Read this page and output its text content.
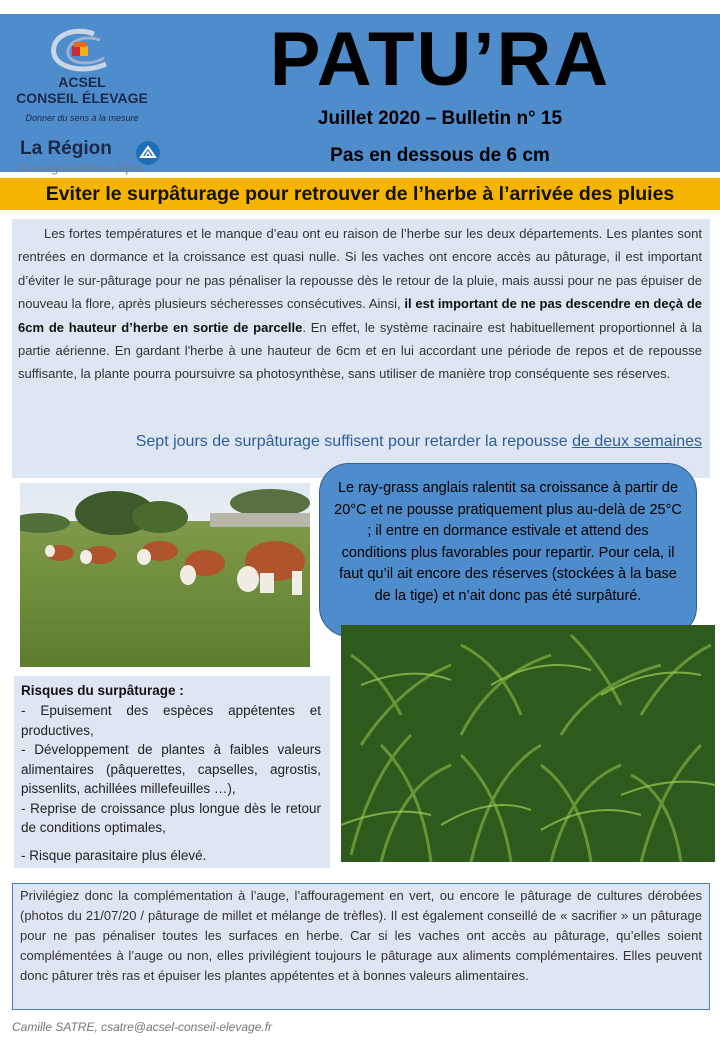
ACSEL
CONSEIL ÉLEVAGE
Donner du sens à la mesure
La Région
Auvergne-Rhône-Alpes
PATU’RA
Juillet 2020 – Bulletin n° 15
Pas en dessous de 6 cm
Eviter le surpâturage pour retrouver de l’herbe à l’arrivée des pluies
Les fortes températures et le manque d’eau ont eu raison de l’herbe sur les deux départements. Les plantes sont rentrées en dormance et la croissance est quasi nulle. Si les vaches ont encore accès au pâturage, il est important d’éviter le sur-pâturage pour ne pas pénaliser la repousse dès le retour de la pluie, mais aussi pour ne pas épuiser de nouveau la flore, après plusieurs sécheresses consécutives. Ainsi, il est important de ne pas descendre en deçà de 6cm de hauteur d’herbe en sortie de parcelle. En effet, le système racinaire est habituellement proportionnel à la partie aérienne. En gardant l'herbe à une hauteur de 6cm et en lui accordant une période de repos et de repousse suffisante, la plante pourra poursuivre sa photosynthèse, sans utiliser de manière trop conséquente ses réserves.
Sept jours de surpâturage suffisent pour retarder la repousse de deux semaines
Le ray-grass anglais ralentit sa croissance à partir de 20°C et ne pousse pratiquement plus au-delà de 25°C ; il entre en dormance estivale et attend des conditions plus favorables pour repartir. Pour cela, il faut qu’il ait encore des réserves (stockées à la base de la tige) et n’ait donc pas été surpâturé.
Risques du surpâturage :
- Epuisement des espèces appétentes et productives,
- Développement de plantes à faibles valeurs alimentaires (pâquerettes, capselles, agrostis, pissenlits, achillées millefeuilles …),
- Reprise de croissance plus longue dès le retour de conditions optimales,
- Risque parasitaire plus élevé.
Privilégiez donc la complémentation à l’auge, l’affouragement en vert, ou encore le pâturage de cultures dérobées (photos du 21/07/20 / pâturage de millet et mélange de trèfles). Il est également conseillé de « sacrifier » un pâturage pour ne pas pénaliser toutes les surfaces en herbe. Car si les vaches ont accès au pâturage, qu’elles soient complémentées à l’auge ou non, elles privilégient toujours le pâturage aux aliments complémentaires. Elles peuvent donc pâturer très ras et épuiser les plantes appétentes et à bonnes valeurs alimentaires.
Camille SATRE, csatre@acsel-conseil-elevage.fr
